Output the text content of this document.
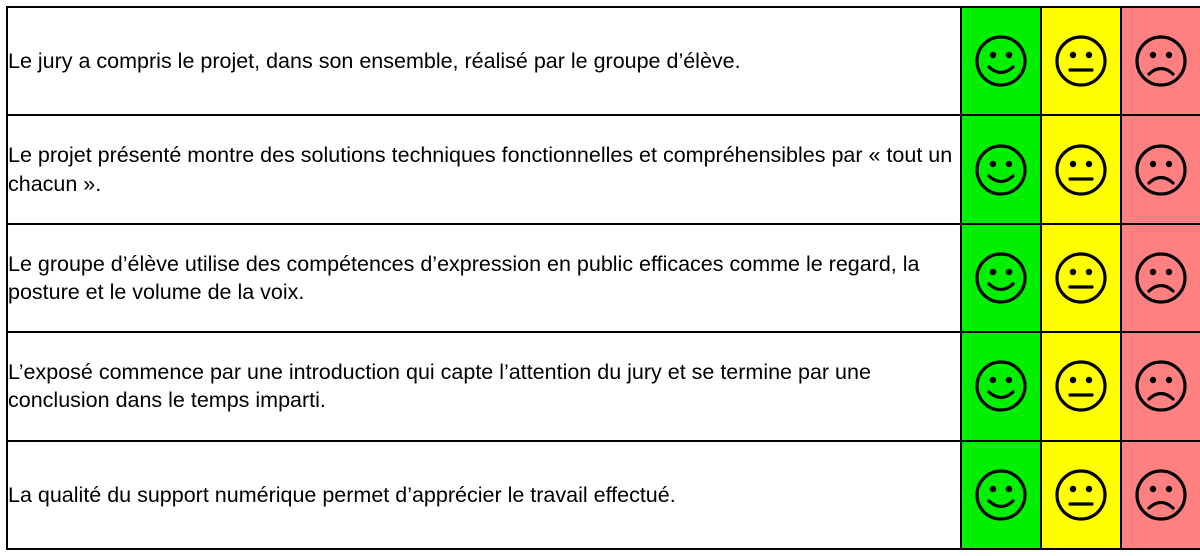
Le jury a compris le projet, dans son ensemble, réalisé par le groupe d’élève.	

Le projet présenté montre des solutions techniques fonctionnelles et compréhensibles par « tout un chacun ».	

Le groupe d’élève utilise des compétences d’expression en public efficaces comme le regard, la posture et le volume de la voix.	

L’exposé commence par une introduction qui capte l’attention du jury et se termine par une conclusion dans le temps imparti.	

La qualité du support numérique permet d’apprécier le travail effectué.	
